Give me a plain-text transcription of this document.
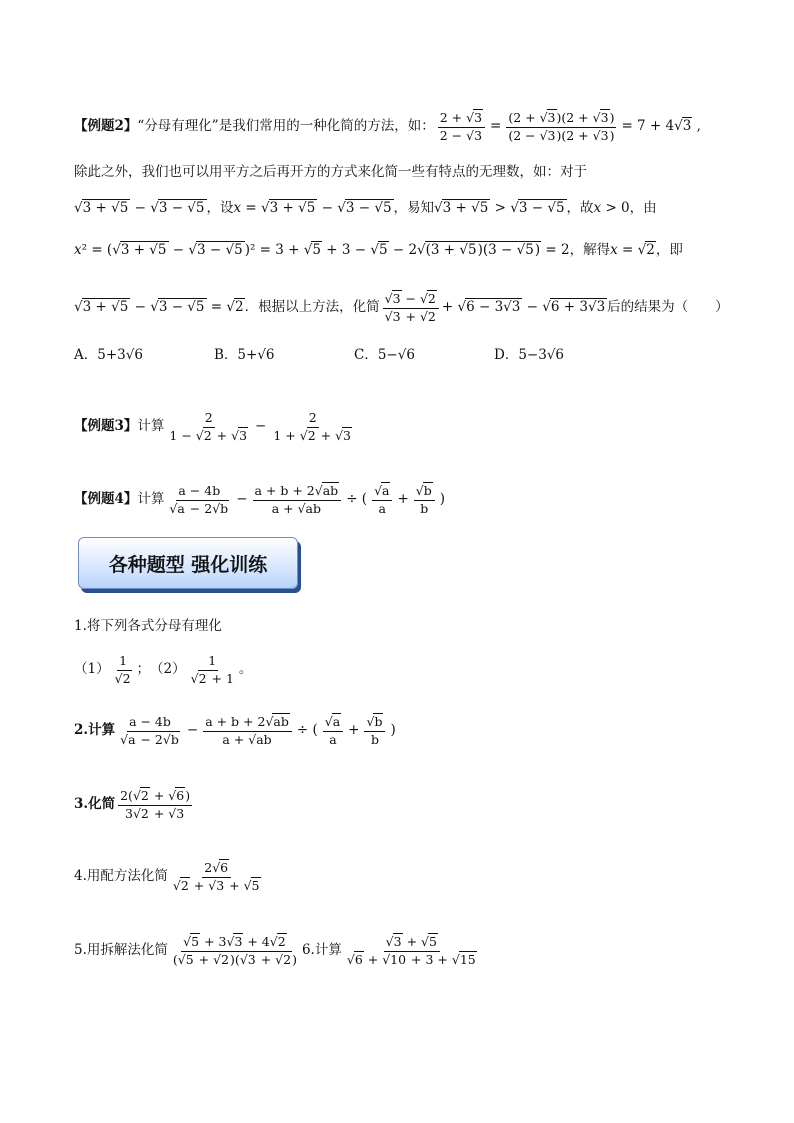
【例题2】 “分母有理化”是我们常用的一种化简的方法，如： $\frac{2 + √ 3}{2 - √ 3} = \frac{(2 + √ 3)(2 + √ 3)}{(2 - √ 3)(2 + √ 3)} = 7 + 4√$ 3 ,
除此之外，我们也可以用平方之后再开方的方式来化简一些有特点的无理数，如：对于
√ 3 + √ 5 − √ 3 − √ 5 ，设 x = √ 3 + √ 5 − √ 3 − √ 5 ，易知
√ 3 + √ 5 > √ 3 − √ 5 ，故 x > 0 ，由
x² = (√ 3 + √ 5 − √ 3 − √ 5 )² = 3 + √ 5 + 3 − √ 5 − 2√ (3 + √ 5)(3 − √ 5) = 2 ，解得 x = √ 2 ，即
√ 3 + √ 5 − √ 3 − √ 5 = √ 2 ．根据以上方法，化简
√ 3 − √ 2
√ 3 + √ 2 + √ 6 − 3√ 3 − √ 6 + 3√ 3 后的结果为（　　）
A．5+3√6	B．5+√6	C．5−√6	D．5−3√6
【例题3】 计算 $\frac{2}{1 - √ 2 + √ 3} - \frac{2}{1 + √ 2 + √ 3}$
【例题4】 计算 a − 4b
√ a − 2√ $b - \frac{a + b + 2√ ab}{a + √ ab}$ ÷ (
√ $\frac{a}{a}$ +
√ $\frac{b}{b}$ )
各种题型 强化训练
1.将下列各式分母有理化
（1） 1
√ 2 ；　（2） 1
√ 2 + 1 。
2.计算 a − 4b
√ a − 2√ $b - \frac{a + b + 2√ ab}{a + √ ab}$ ÷ (
√ $\frac{a}{a}$ +
√ $\frac{b}{b}$ )
3.化简 $\frac{2(√ 2 + √ 6)}{3√ 2 + √ 3}$
4.用配方法化简 2√ 6
√ 2 + √ 3 + √ 5
5.用拆解法化简
√ $\frac{5 + 3√ 3 + 4√ 2}{(√ 5 + √ 2)(√ 3 + √ 2)} 6$.计算
√ 3 + √ 5
√ 6 + √ 10 + 3 + √ 15
